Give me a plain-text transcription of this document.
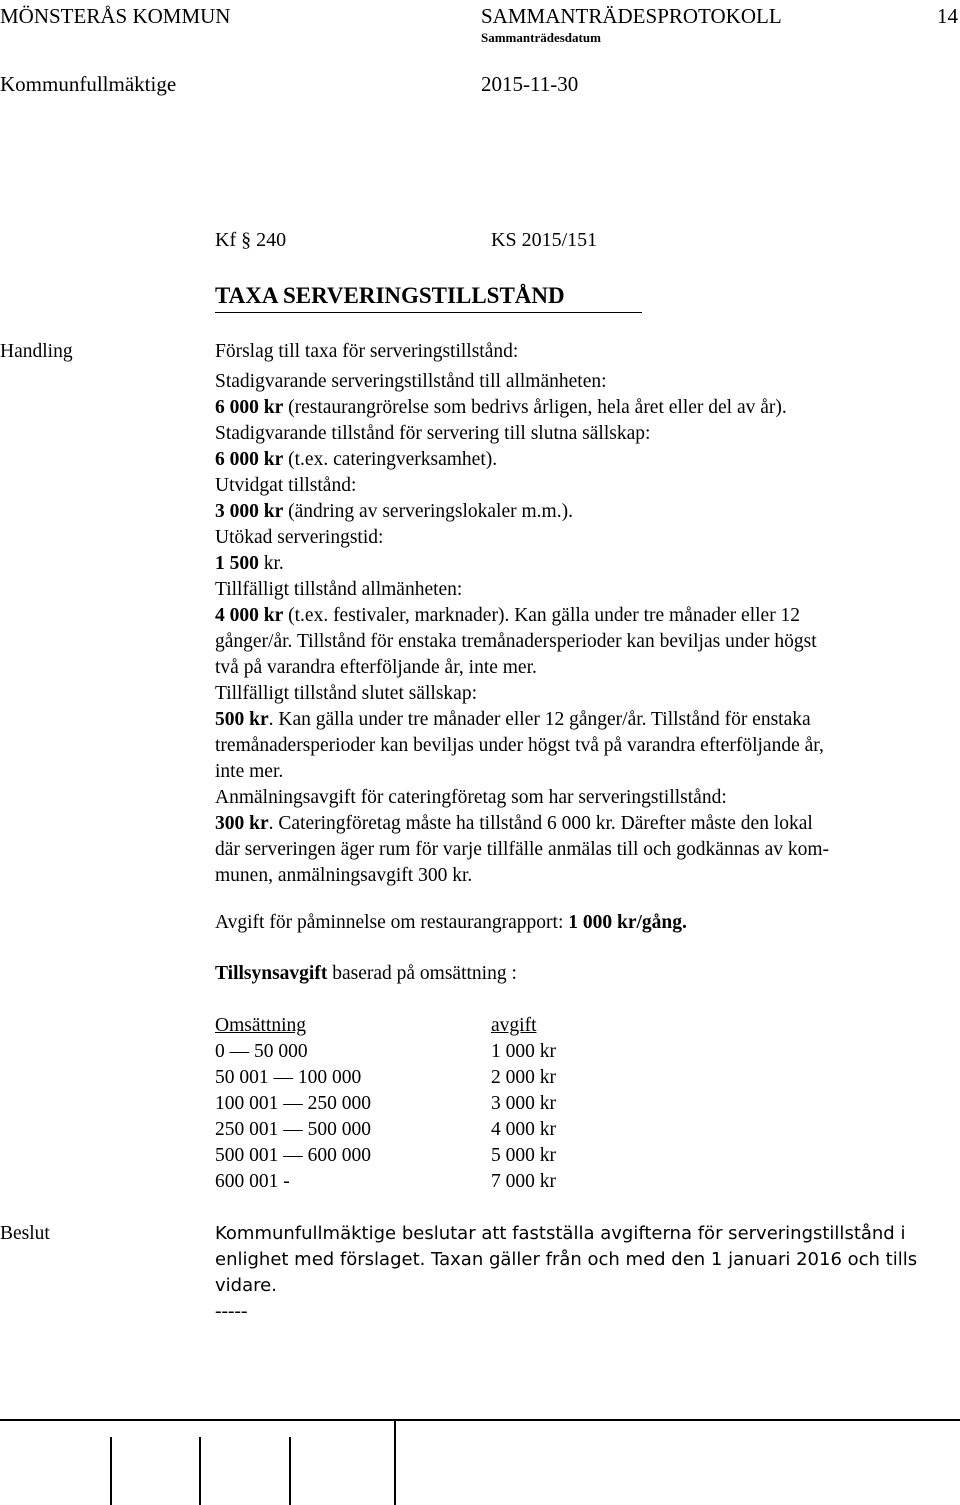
MÖNSTERÅS KOMMUN	SAMMANTRÄDESPROTOKOLL
Sammanträdesdatum
14
Kommunfullmäktige	2015-11-30
Kf § 240	KS 2015/151
TAXA SERVERINGSTILLSTÅND
Handling	Förslag till taxa för serveringstillstånd:
Stadigvarande serveringstillstånd till allmänheten:
6 000 kr (restaurangrörelse som bedrivs årligen, hela året eller del av år).
Stadigvarande tillstånd för servering till slutna sällskap:
6 000 kr (t.ex. cateringverksamhet).
Utvidgat tillstånd:
3 000 kr (ändring av serveringslokaler m.m.).
Utökad serveringstid:
1 500 kr.
Tillfälligt tillstånd allmänheten:
4 000 kr (t.ex. festivaler, marknader). Kan gälla under tre månader eller 12
gånger/år. Tillstånd för enstaka tremånadersperioder kan beviljas under högst
två på varandra efterföljande år, inte mer.
Tillfälligt tillstånd slutet sällskap:
500 kr. Kan gälla under tre månader eller 12 gånger/år. Tillstånd för enstaka
tremånadersperioder kan beviljas under högst två på varandra efterföljande år,
inte mer.
Anmälningsavgift för cateringföretag som har serveringstillstånd:
300 kr. Cateringföretag måste ha tillstånd 6 000 kr. Därefter måste den lokal
där serveringen äger rum för varje tillfälle anmälas till och godkännas av kom-
munen, anmälningsavgift 300 kr.
Avgift för påminnelse om restaurangrapport: 1 000 kr/gång.
Tillsynsavgift baserad på omsättning :
Omsättning	avgift
0 — 50 000	1 000 kr
50 001 — 100 000	2 000 kr
100 001 — 250 000	3 000 kr
250 001 — 500 000	4 000 kr
500 001 — 600 000	5 000 kr
600 001 -	7 000 kr
Beslut	Kommunfullmäktige beslutar att fastställa avgifterna för serveringstillstånd i
enlighet med förslaget. Taxan gäller från och med den 1 januari 2016 och tills
vidare.
-----
